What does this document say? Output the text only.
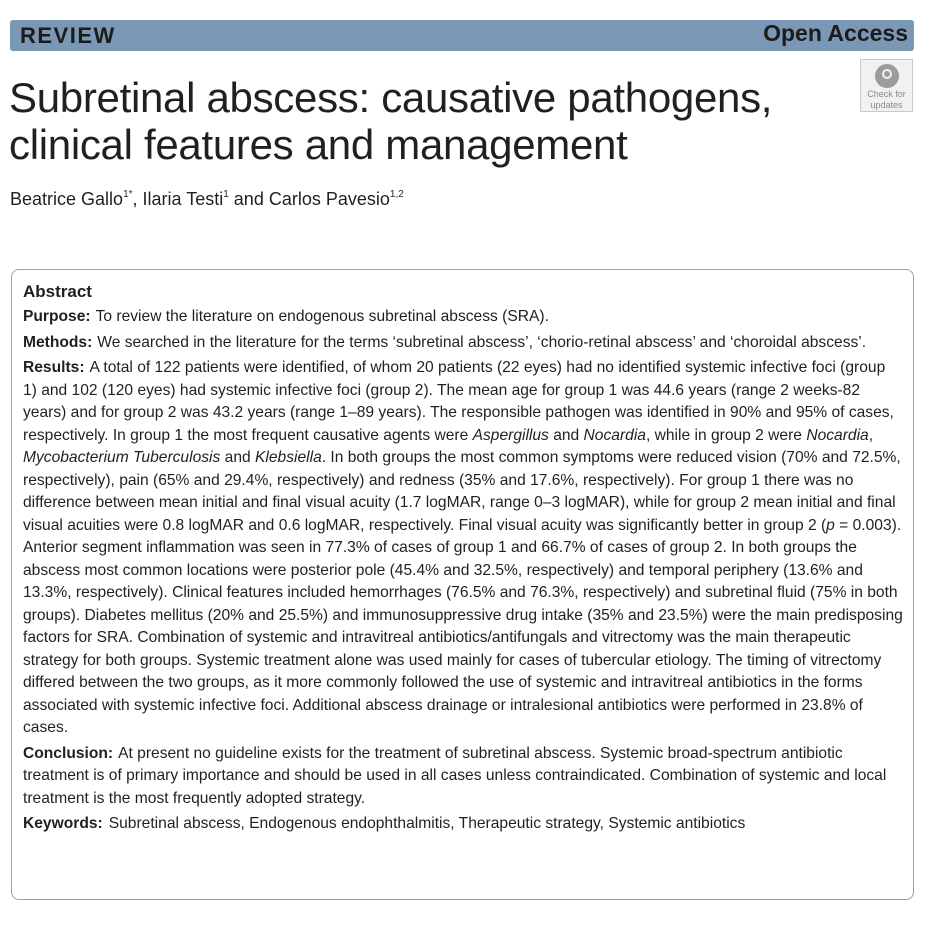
REVIEW	Open Access
Subretinal abscess: causative pathogens, clinical features and management
Check for
updates
Beatrice Gallo$^{1*}$, Ilaria Testi$^1$ and Carlos Pavesio$^{1,2}$
Abstract

Purpose: To review the literature on endogenous subretinal abscess (SRA).

Methods: We searched in the literature for the terms ‘subretinal abscess’, ‘chorio-retinal abscess’ and ‘choroidal abscess’.

Results: A total of 122 patients were identified, of whom 20 patients (22 eyes) had no identified systemic infective foci (group 1) and 102 (120 eyes) had systemic infective foci (group 2). The mean age for group 1 was 44.6 years (range 2 weeks-82 years) and for group 2 was 43.2 years (range 1–89 years). The responsible pathogen was identified in 90% and 95% of cases, respectively. In group 1 the most frequent causative agents were Aspergillus and Nocardia, while in group 2 were Nocardia, Mycobacterium Tuberculosis and Klebsiella. In both groups the most common symptoms were reduced vision (70% and 72.5%, respectively), pain (65% and 29.4%, respectively) and redness (35% and 17.6%, respectively). For group 1 there was no difference between mean initial and final visual acuity (1.7 logMAR, range 0–3 logMAR), while for group 2 mean initial and final visual acuities were 0.8 logMAR and 0.6 logMAR, respectively. Final visual acuity was significantly better in group 2 (p = 0.003). Anterior segment inflammation was seen in 77.3% of cases of group 1 and 66.7% of cases of group 2. In both groups the abscess most common locations were posterior pole (45.4% and 32.5%, respectively) and temporal periphery (13.6% and 13.3%, respectively). Clinical features included hemorrhages (76.5% and 76.3%, respectively) and subretinal fluid (75% in both groups). Diabetes mellitus (20% and 25.5%) and immunosuppressive drug intake (35% and 23.5%) were the main predisposing factors for SRA. Combination of systemic and intravitreal antibiotics/antifungals and vitrectomy was the main therapeutic strategy for both groups. Systemic treatment alone was used mainly for cases of tubercular etiology. The timing of vitrectomy differed between the two groups, as it more commonly followed the use of systemic and intravitreal antibiotics in the forms associated with systemic infective foci. Additional abscess drainage or intralesional antibiotics were performed in 23.8% of cases.

Conclusion: At present no guideline exists for the treatment of subretinal abscess. Systemic broad-spectrum antibiotic treatment is of primary importance and should be used in all cases unless contraindicated. Combination of systemic and local treatment is the most frequently adopted strategy.

Keywords: Subretinal abscess, Endogenous endophthalmitis, Therapeutic strategy, Systemic antibiotics
